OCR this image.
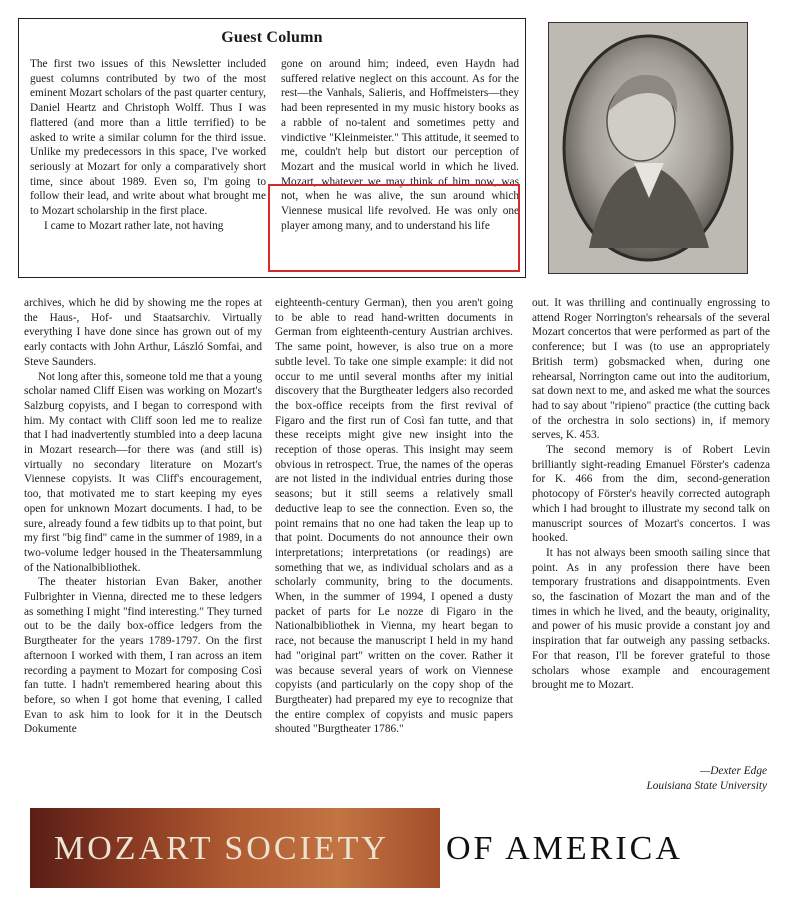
Guest Column

The first two issues of this Newsletter included guest columns contributed by two of the most eminent Mozart scholars of the past quarter century, Daniel Heartz and Christoph Wolff. Thus I was flattered (and more than a little terrified) to be asked to write a similar column for the third issue. Unlike my predecessors in this space, I've worked seriously at Mozart for only a comparatively short time, since about 1989. Even so, I'm going to follow their lead, and write about what brought me to Mozart scholarship in the first place.

I came to Mozart rather late, not having

gone on around him; indeed, even Haydn had suffered relative neglect on this account. As for the rest—the Vanhals, Salieris, and Hoffmeisters—they had been represented in my music history books as a rabble of no-talent and sometimes petty and vindictive "Kleinmeister." This attitude, it seemed to me, couldn't help but distort our perception of Mozart and the musical world in which he lived. Mozart, whatever we may think of him now, was not, when he was alive, the sun around which Viennese musical life revolved. He was only one player among many, and to understand his life

archives, which he did by showing me the ropes at the Haus-, Hof- und Staatsarchiv. Virtually everything I have done since has grown out of my early contacts with John Arthur, László Somfai, and Steve Saunders.

Not long after this, someone told me that a young scholar named Cliff Eisen was working on Mozart's Salzburg copyists, and I began to correspond with him. My contact with Cliff soon led me to realize that I had inadvertently stumbled into a deep lacuna in Mozart research—for there was (and still is) virtually no secondary literature on Mozart's Viennese copyists. It was Cliff's encouragement, too, that motivated me to start keeping my eyes open for unknown Mozart documents. I had, to be sure, already found a few tidbits up to that point, but my first "big find" came in the summer of 1989, in a two-volume ledger housed in the Theatersammlung of the Nationalbibliothek.

The theater historian Evan Baker, another Fulbrighter in Vienna, directed me to these ledgers as something I might "find interesting." They turned out to be the daily box-office ledgers from the Burgtheater for the years 1789-1797. On the first afternoon I worked with them, I ran across an item recording a payment to Mozart for composing Così fan tutte. I hadn't remembered hearing about this before, so when I got home that evening, I called Evan to ask him to look for it in the Deutsch Dokumente

eighteenth-century German), then you aren't going to be able to read hand-written documents in German from eighteenth-century Austrian archives. The same point, however, is also true on a more subtle level. To take one simple example: it did not occur to me until several months after my initial discovery that the Burgtheater ledgers also recorded the box-office receipts from the first revival of Figaro and the first run of Così fan tutte, and that these receipts might give new insight into the reception of those operas. This insight may seem obvious in retrospect. True, the names of the operas are not listed in the individual entries during those seasons; but it still seems a relatively small deductive leap to see the connection. Even so, the point remains that no one had taken the leap up to that point. Documents do not announce their own interpretations; interpretations (or readings) are something that we, as individual scholars and as a scholarly community, bring to the documents. When, in the summer of 1994, I opened a dusty packet of parts for Le nozze di Figaro in the Nationalbibliothek in Vienna, my heart began to race, not because the manuscript I held in my hand had "original part" written on the cover. Rather it was because several years of work on Viennese copyists (and particularly on the copy shop of the Burgtheater) had prepared my eye to recognize that the entire complex of copyists and music papers shouted "Burgtheater 1786."

out. It was thrilling and continually engrossing to attend Roger Norrington's rehearsals of the several Mozart concertos that were performed as part of the conference; but I was (to use an appropriately British term) gobsmacked when, during one rehearsal, Norrington came out into the auditorium, sat down next to me, and asked me what the sources had to say about "ripieno" practice (the cutting back of the orchestra in solo sections) in, if memory serves, K. 453.

The second memory is of Robert Levin brilliantly sight-reading Emanuel Förster's cadenza for K. 466 from the dim, second-generation photocopy of Förster's heavily corrected autograph which I had brought to illustrate my second talk on manuscript sources of Mozart's concertos. I was hooked.

It has not always been smooth sailing since that point. As in any profession there have been temporary frustrations and disappointments. Even so, the fascination of Mozart the man and of the times in which he lived, and the beauty, originality, and power of his music provide a constant joy and inspiration that far outweigh any passing setbacks. For that reason, I'll be forever grateful to those scholars whose example and encouragement brought me to Mozart.

—Dexter Edge
Louisiana State University
MOZART SOCIETY OF AMERICA
